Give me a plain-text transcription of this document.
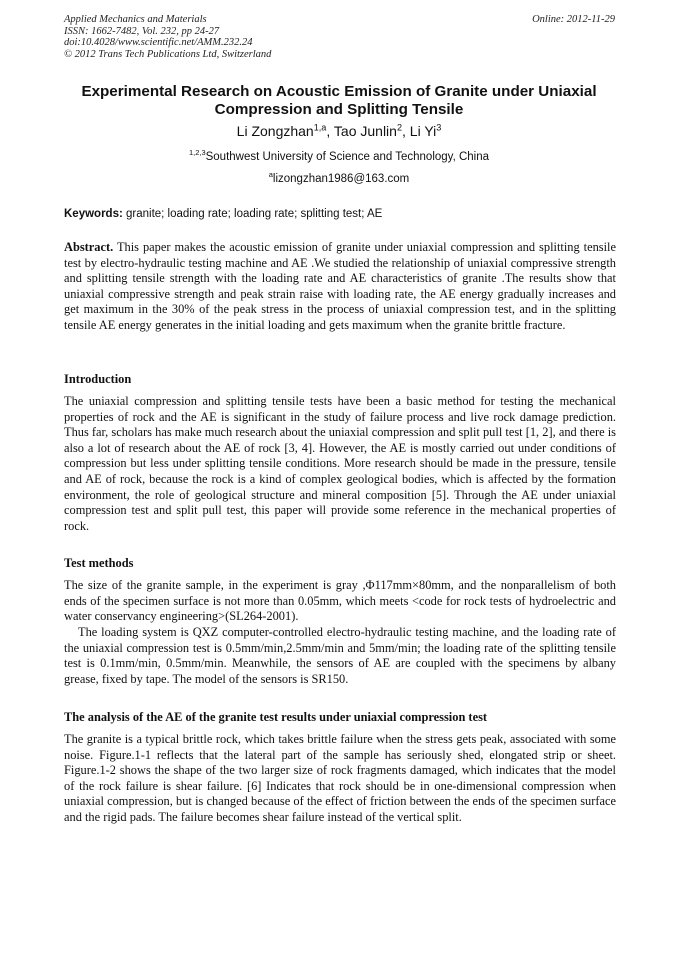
Applied Mechanics and Materials
ISSN: 1662-7482, Vol. 232, pp 24-27
doi:10.4028/www.scientific.net/AMM.232.24
© 2012 Trans Tech Publications Ltd, Switzerland
Online: 2012-11-29
Experimental Research on Acoustic Emission of Granite under Uniaxial Compression and Splitting Tensile
Li Zongzhan$^{1,a}$, Tao Junlin$^2$, Li Yi$^3$
$^{1,2,3}$Southwest University of Science and Technology, China
$^a$lizongzhan1986@163.com
Keywords: granite; loading rate; loading rate; splitting test; AE
Abstract. This paper makes the acoustic emission of granite under uniaxial compression and splitting tensile test by electro-hydraulic testing machine and AE .We studied the relationship of uniaxial compressive strength and splitting tensile strength with the loading rate and AE characteristics of granite .The results show that uniaxial compressive strength and peak strain raise with loading rate, the AE energy gradually increases and get maximum in the 30% of the peak stress in the process of uniaxial compression test, and in the splitting tensile AE energy generates in the initial loading and gets maximum when the granite brittle fracture.
Introduction
The uniaxial compression and splitting tensile tests have been a basic method for testing the mechanical properties of rock and the AE is significant in the study of failure process and live rock damage prediction. Thus far, scholars has make much research about the uniaxial compression and split pull test [1, 2], and there is also a lot of research about the AE of rock [3, 4]. However, the AE is mostly carried out under conditions of compression but less under splitting tensile conditions. More research should be made in the pressure, tensile and AE of rock, because the rock is a kind of complex geological bodies, which is affected by the formation environment, the role of geological structure and mineral composition [5]. Through the AE under uniaxial compression test and split pull test, this paper will provide some reference in the mechanical properties of rock.
Test methods
The size of the granite sample, in the experiment is gray ,Φ117mm×80mm, and the nonparallelism of both ends of the specimen surface is not more than 0.05mm, which meets <code for rock tests of hydroelectric and water conservancy engineering>(SL264-2001).
The loading system is QXZ computer-controlled electro-hydraulic testing machine, and the loading rate of the uniaxial compression test is 0.5mm/min,2.5mm/min and 5mm/min; the loading rate of the splitting tensile test is 0.1mm/min, 0.5mm/min. Meanwhile, the sensors of AE are coupled with the specimens by albany grease, fixed by tape. The model of the sensors is SR150.
The analysis of the AE of the granite test results under uniaxial compression test
The granite is a typical brittle rock, which takes brittle failure when the stress gets peak, associated with some noise. Figure.1-1 reflects that the lateral part of the sample has seriously shed, elongated strip or sheet. Figure.1-2 shows the shape of the two larger size of rock fragments damaged, which indicates that the model of the rock failure is shear failure. [6] Indicates that rock should be in one-dimensional compression when uniaxial compression, but is changed because of the effect of friction between the ends of the specimen surface and the rigid pads. The failure becomes shear failure instead of the vertical split.
